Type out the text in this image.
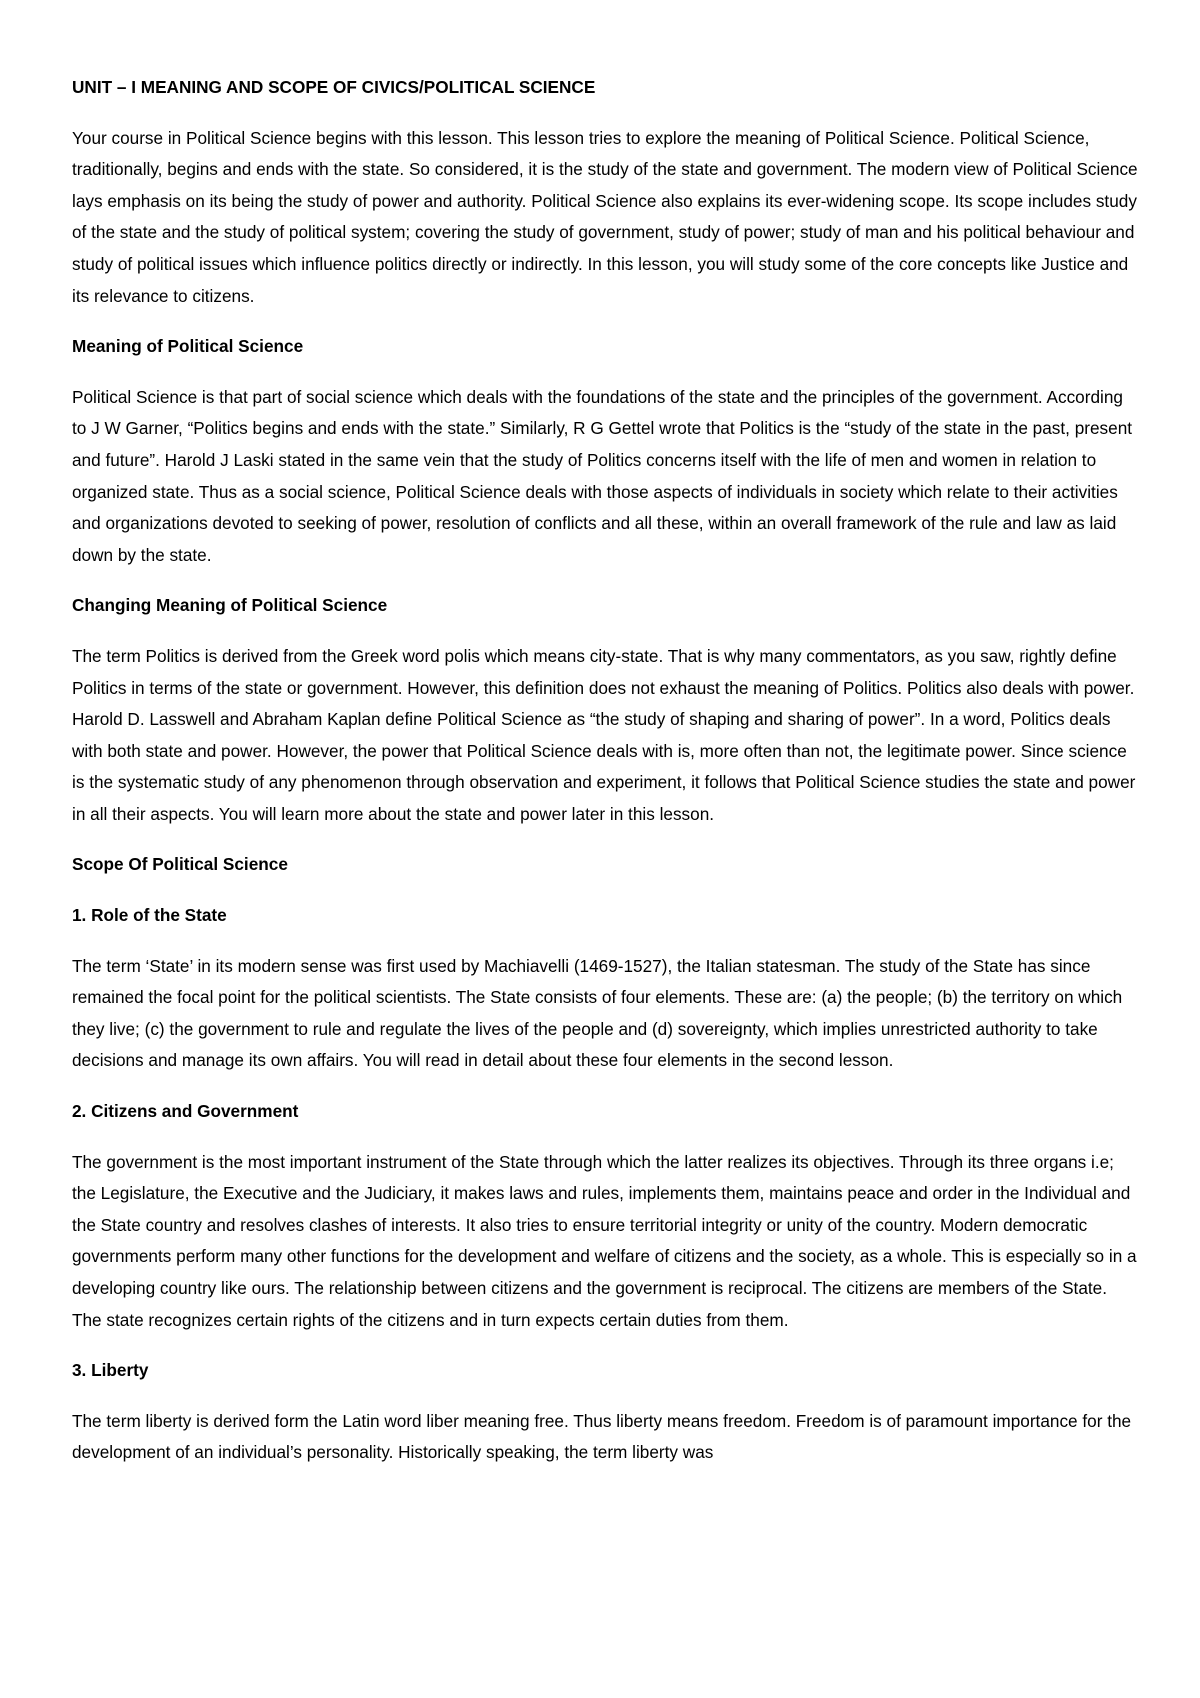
UNIT – I MEANING AND SCOPE OF CIVICS/POLITICAL SCIENCE
Your course in Political Science begins with this lesson. This lesson tries to explore the meaning of Political Science. Political Science, traditionally, begins and ends with the state. So considered, it is the study of the state and government. The modern view of Political Science lays emphasis on its being the study of power and authority. Political Science also explains its ever-widening scope. Its scope includes study of the state and the study of political system; covering the study of government, study of power; study of man and his political behaviour and study of political issues which influence politics directly or indirectly. In this lesson, you will study some of the core concepts like Justice and its relevance to citizens.
Meaning of Political Science
Political Science is that part of social science which deals with the foundations of the state and the principles of the government. According to J W Garner, “Politics begins and ends with the state.” Similarly, R G Gettel wrote that Politics is the “study of the state in the past, present and future”. Harold J Laski stated in the same vein that the study of Politics concerns itself with the life of men and women in relation to organized state. Thus as a social science, Political Science deals with those aspects of individuals in society which relate to their activities and organizations devoted to seeking of power, resolution of conflicts and all these, within an overall framework of the rule and law as laid down by the state.
Changing Meaning of Political Science
The term Politics is derived from the Greek word polis which means city-state. That is why many commentators, as you saw, rightly define Politics in terms of the state or government. However, this definition does not exhaust the meaning of Politics. Politics also deals with power. Harold D. Lasswell and Abraham Kaplan define Political Science as “the study of shaping and sharing of power”. In a word, Politics deals with both state and power. However, the power that Political Science deals with is, more often than not, the legitimate power. Since science is the systematic study of any phenomenon through observation and experiment, it follows that Political Science studies the state and power in all their aspects. You will learn more about the state and power later in this lesson.
Scope Of Political Science
1. Role of the State
The term ‘State’ in its modern sense was first used by Machiavelli (1469-1527), the Italian statesman. The study of the State has since remained the focal point for the political scientists. The State consists of four elements. These are: (a) the people; (b) the territory on which they live; (c) the government to rule and regulate the lives of the people and (d) sovereignty, which implies unrestricted authority to take decisions and manage its own affairs. You will read in detail about these four elements in the second lesson.
2. Citizens and Government
The government is the most important instrument of the State through which the latter realizes its objectives. Through its three organs i.e; the Legislature, the Executive and the Judiciary, it makes laws and rules, implements them, maintains peace and order in the Individual and the State country and resolves clashes of interests. It also tries to ensure territorial integrity or unity of the country. Modern democratic governments perform many other functions for the development and welfare of citizens and the society, as a whole. This is especially so in a developing country like ours. The relationship between citizens and the government is reciprocal. The citizens are members of the State. The state recognizes certain rights of the citizens and in turn expects certain duties from them.
3. Liberty
The term liberty is derived form the Latin word liber meaning free. Thus liberty means freedom. Freedom is of paramount importance for the development of an individual’s personality. Historically speaking, the term liberty was
